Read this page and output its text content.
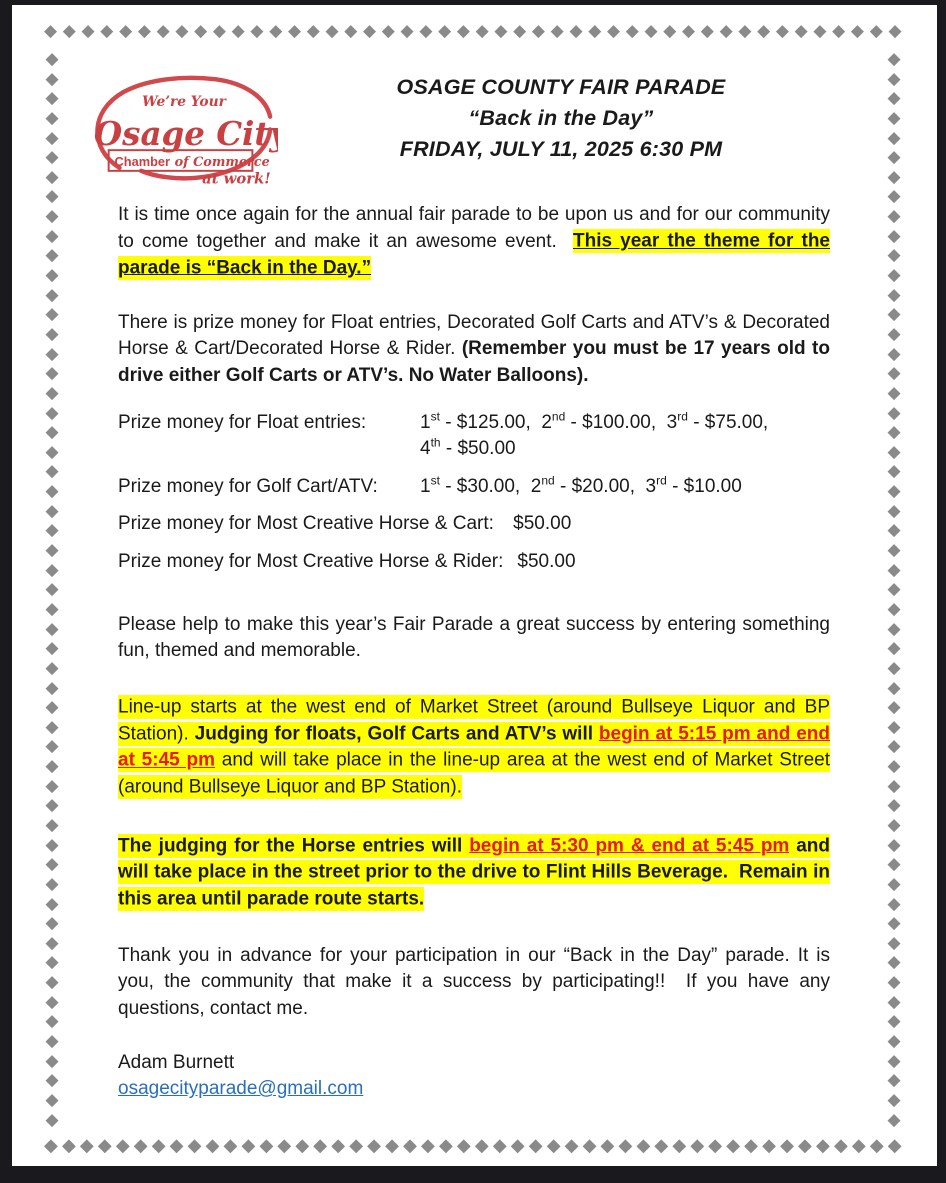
◆ ◆ ◆ ◆ ◆ ◆ ◆ ◆ ◆ ◆ ◆ ◆ ◆ ◆ ◆ ◆ ◆ ◆ ◆ ◆ ◆ ◆ ◆ ◆ ◆ ◆ ◆ ◆ ◆ ◆ ◆ ◆ ◆ ◆ ◆ ◆ ◆ ◆ ◆ ◆ ◆ ◆ ◆ ◆ ◆ ◆
◆ ◆ ◆ ◆ ◆ ◆ ◆ ◆ ◆ ◆ ◆ ◆ ◆ ◆ ◆ ◆ ◆ ◆ ◆ ◆ ◆ ◆ ◆ ◆ ◆ ◆ ◆ ◆ ◆ ◆ ◆ ◆ ◆ ◆ ◆ ◆ ◆ ◆ ◆ ◆ ◆ ◆ ◆ ◆ ◆ ◆ ◆ ◆
◆
◆
◆
◆
◆
◆
◆
◆
◆
◆
◆
◆
◆
◆
◆
◆
◆
◆
◆
◆
◆
◆
◆
◆
◆
◆
◆
◆
◆
◆
◆
◆
◆
◆
◆
◆
◆
◆
◆
◆
◆
◆
◆
◆
◆
◆
◆
◆
◆
◆
◆
◆
◆
◆
◆
◆
◆
◆
◆
◆
◆
◆
◆
◆
◆
◆
◆
◆
◆
◆
◆
◆
◆
◆
◆
◆
◆
◆
◆
◆
◆
◆
◆
◆
◆
◆
◆
◆
◆
◆
◆
◆
◆
◆
◆
◆
◆
◆
◆
◆
◆
◆
◆
◆
◆
◆
◆
◆
◆
◆
We’re Your
Osage City
Chamber of Commerce
at work!
OSAGE COUNTY FAIR PARADE
“Back in the Day”
FRIDAY, JULY 11, 2025 6:30 PM

It is time once again for the annual fair parade to be upon us and for our community to come together and make it an awesome event.  This year the theme for the parade is “Back in the Day.”

There is prize money for Float entries, Decorated Golf Carts and ATV’s & Decorated Horse & Cart/Decorated Horse & Rider. (Remember you must be 17 years old to drive either Golf Carts or ATV’s. No Water Balloons).

Prize money for Float entries:	1st - $125.00,  2nd - $100.00,  3rd - $75.00,
4th - $50.00
Prize money for Golf Cart/ATV:	1st - $30.00,  2nd - $20.00,  3rd - $10.00
Prize money for Most Creative Horse & Cart: $50.00
Prize money for Most Creative Horse & Rider: $50.00

Please help to make this year’s Fair Parade a great success by entering something fun, themed and memorable.

Line-up starts at the west end of Market Street (around Bullseye Liquor and BP Station). Judging for floats, Golf Carts and ATV’s will begin at 5:15 pm and end at 5:45 pm and will take place in the line-up area at the west end of Market Street (around Bullseye Liquor and BP Station).

The judging for the Horse entries will begin at 5:30 pm & end at 5:45 pm and will take place in the street prior to the drive to Flint Hills Beverage.  Remain in this area until parade route starts.

Thank you in advance for your participation in our “Back in the Day” parade. It is you, the community that make it a success by participating!!  If you have any questions, contact me.

Adam Burnett
osagecityparade@gmail.com
